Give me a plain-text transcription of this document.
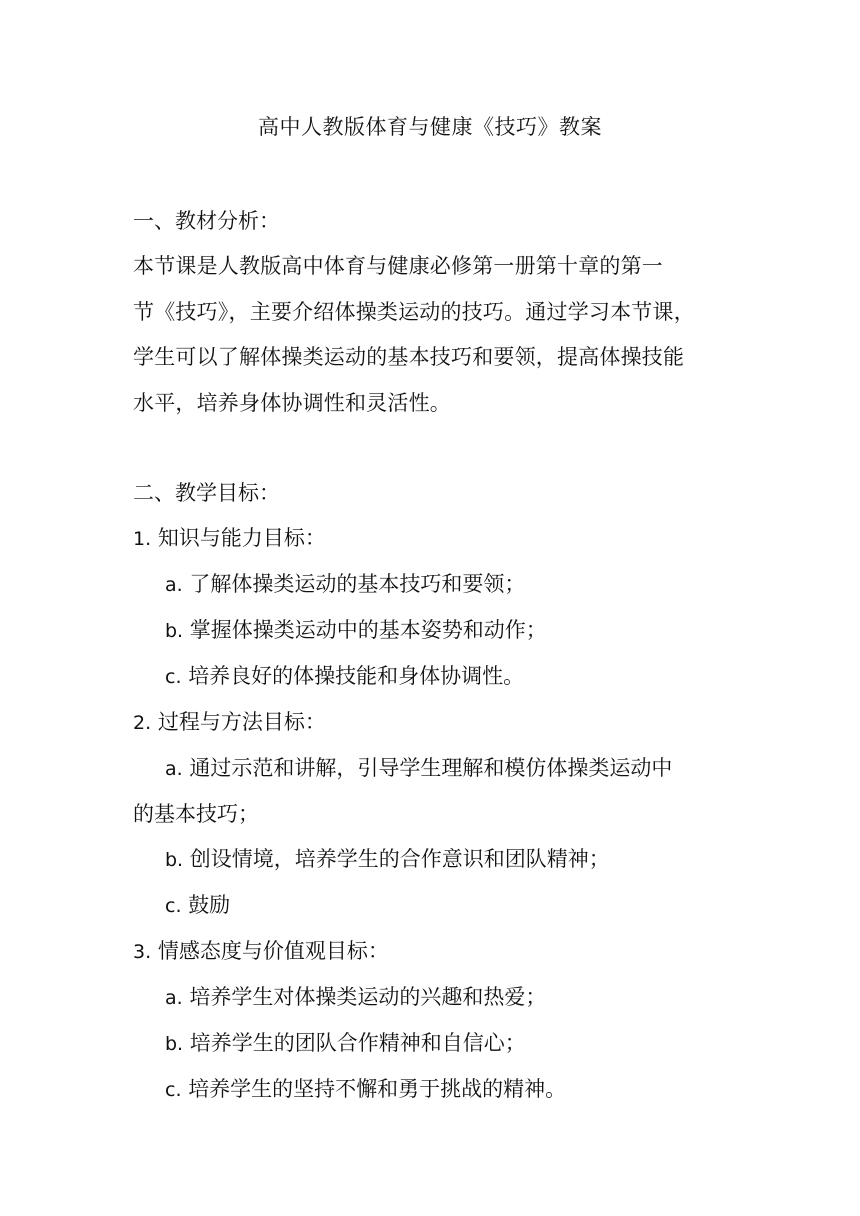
高中人教版体育与健康《技巧》教案
一、教材分析：
本节课是人教版高中体育与健康必修第一册第十章的第一
节《技巧》，主要介绍体操类运动的技巧。通过学习本节课，
学生可以了解体操类运动的基本技巧和要领，提高体操技能
水平，培养身体协调性和灵活性。
二、教学目标：
1. 知识与能力目标：
a. 了解体操类运动的基本技巧和要领；
b. 掌握体操类运动中的基本姿势和动作；
c. 培养良好的体操技能和身体协调性。
2. 过程与方法目标：
a. 通过示范和讲解，引导学生理解和模仿体操类运动中
的基本技巧；
b. 创设情境，培养学生的合作意识和团队精神；
c. 鼓励
3. 情感态度与价值观目标：
a. 培养学生对体操类运动的兴趣和热爱；
b. 培养学生的团队合作精神和自信心；
c. 培养学生的坚持不懈和勇于挑战的精神。
